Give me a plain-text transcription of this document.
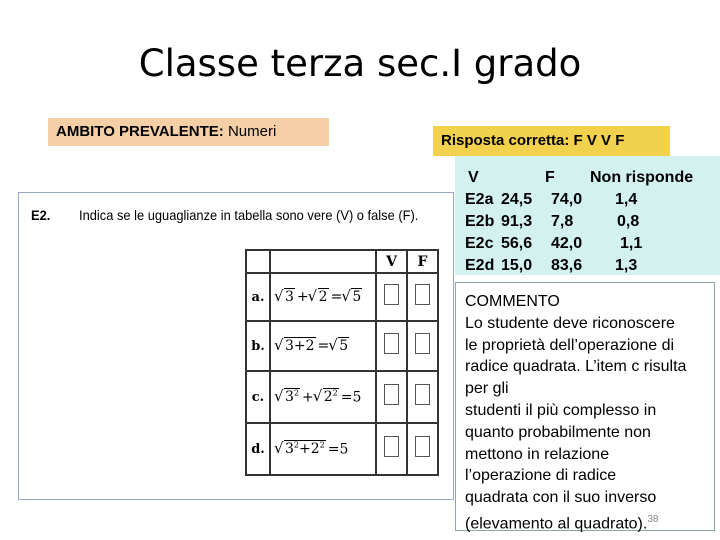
Classe terza sec.I grado
AMBITO PREVALENTE: Numeri
Risposta corretta: F V V F
V	F Non risponde
E2a 24,5 74,0 1,4
E2b 91,3 7,8	0,8
E2c 56,6 42,0 1,1
E2d 15,0 83,6 1,3
COMMENTO
Lo studente deve riconoscere
le proprietà dell’operazione di
radice quadrata. L’item c risulta
per gli
studenti il più complesso in
quanto probabilmente non
mettono in relazione
l’operazione di radice
quadrata con il suo inverso
(elevamento al quadrato).$^{38}$
E2. Indica se le uguaglianze in tabella sono vere (V) o false (F).
		V	F
a.	√ 3 + √ 2 = √ 5		
b.	√ 3+2 = √ 5		
c.	√ $3^2$ + √ $2^2 =5$		
d.	√ $3^2+2^2 =5$		
